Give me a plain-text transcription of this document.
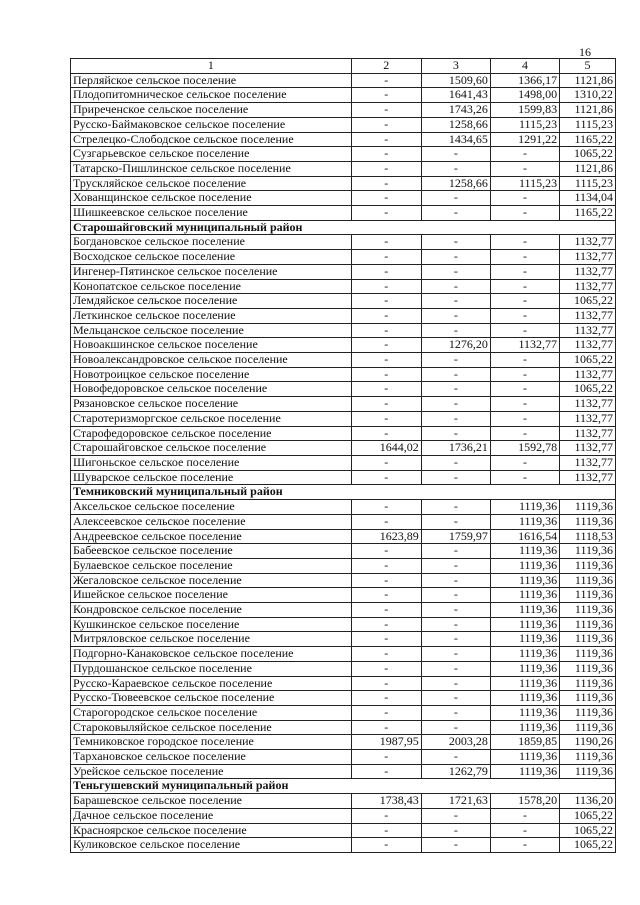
16
1	2	3	4	5
Перляйское сельское поселение	-	1509,60	1366,17	1121,86
Плодопитомническое сельское поселение	-	1641,43	1498,00	1310,22
Приреченское сельское поселение	-	1743,26	1599,83	1121,86
Русско-Баймаковское сельское поселение	-	1258,66	1115,23	1115,23
Стрелецко-Слободское сельское поселение	-	1434,65	1291,22	1165,22
Сузгарьевское сельское поселение	-	-	-	1065,22
Татарско-Пишлинское сельское поселение	-	-	-	1121,86
Трускляйское сельское поселение	-	1258,66	1115,23	1115,23
Хованщинское сельское поселение	-	-	-	1134,04
Шишкеевское сельское поселение	-	-	-	1165,22
Старошайговский муниципальный район				
Богдановское сельское поселение	-	-	-	1132,77
Восходское сельское поселение	-	-	-	1132,77
Ингенер-Пятинское сельское поселение	-	-	-	1132,77
Конопатское сельское поселение	-	-	-	1132,77
Лемдяйское сельское поселение	-	-	-	1065,22
Леткинское сельское поселение	-	-	-	1132,77
Мельцанское сельское поселение	-	-	-	1132,77
Новоакшинское сельское поселение	-	1276,20	1132,77	1132,77
Новоалександровское сельское поселение	-	-	-	1065,22
Новотроицкое сельское поселение	-	-	-	1132,77
Новофедоровское сельское поселение	-	-	-	1065,22
Рязановское сельское поселение	-	-	-	1132,77
Старотеризморгское сельское поселение	-	-	-	1132,77
Старофедоровское сельское поселение	-	-	-	1132,77
Старошайговское сельское поселение	1644,02	1736,21	1592,78	1132,77
Шигоньское сельское поселение	-	-	-	1132,77
Шуварское сельское поселение	-	-	-	1132,77
Темниковский муниципальный район				
Аксельское сельское поселение	-	-	1119,36	1119,36
Алексеевское сельское поселение	-	-	1119,36	1119,36
Андреевское сельское поселение	1623,89	1759,97	1616,54	1118,53
Бабеевское сельское поселение	-	-	1119,36	1119,36
Булаевское сельское поселение	-	-	1119,36	1119,36
Жегаловское сельское поселение	-	-	1119,36	1119,36
Ишейское сельское поселение	-	-	1119,36	1119,36
Кондровское сельское поселение	-	-	1119,36	1119,36
Кушкинское сельское поселение	-	-	1119,36	1119,36
Митряловское сельское поселение	-	-	1119,36	1119,36
Подгорно-Канаковское сельское поселение	-	-	1119,36	1119,36
Пурдошанское сельское поселение	-	-	1119,36	1119,36
Русско-Караевское сельское поселение	-	-	1119,36	1119,36
Русско-Тювеевское сельское поселение	-	-	1119,36	1119,36
Старогородское сельское поселение	-	-	1119,36	1119,36
Староковыляйское сельское поселение	-	-	1119,36	1119,36
Темниковское городское поселение	1987,95	2003,28	1859,85	1190,26
Тархановское сельское поселение	-	-	1119,36	1119,36
Урейское сельское поселение	-	1262,79	1119,36	1119,36
Теньгушевский муниципальный район				
Барашевское сельское поселение	1738,43	1721,63	1578,20	1136,20
Дачное сельское поселение	-	-	-	1065,22
Красноярское сельское поселение	-	-	-	1065,22
Куликовское сельское поселение	-	-	-	1065,22
